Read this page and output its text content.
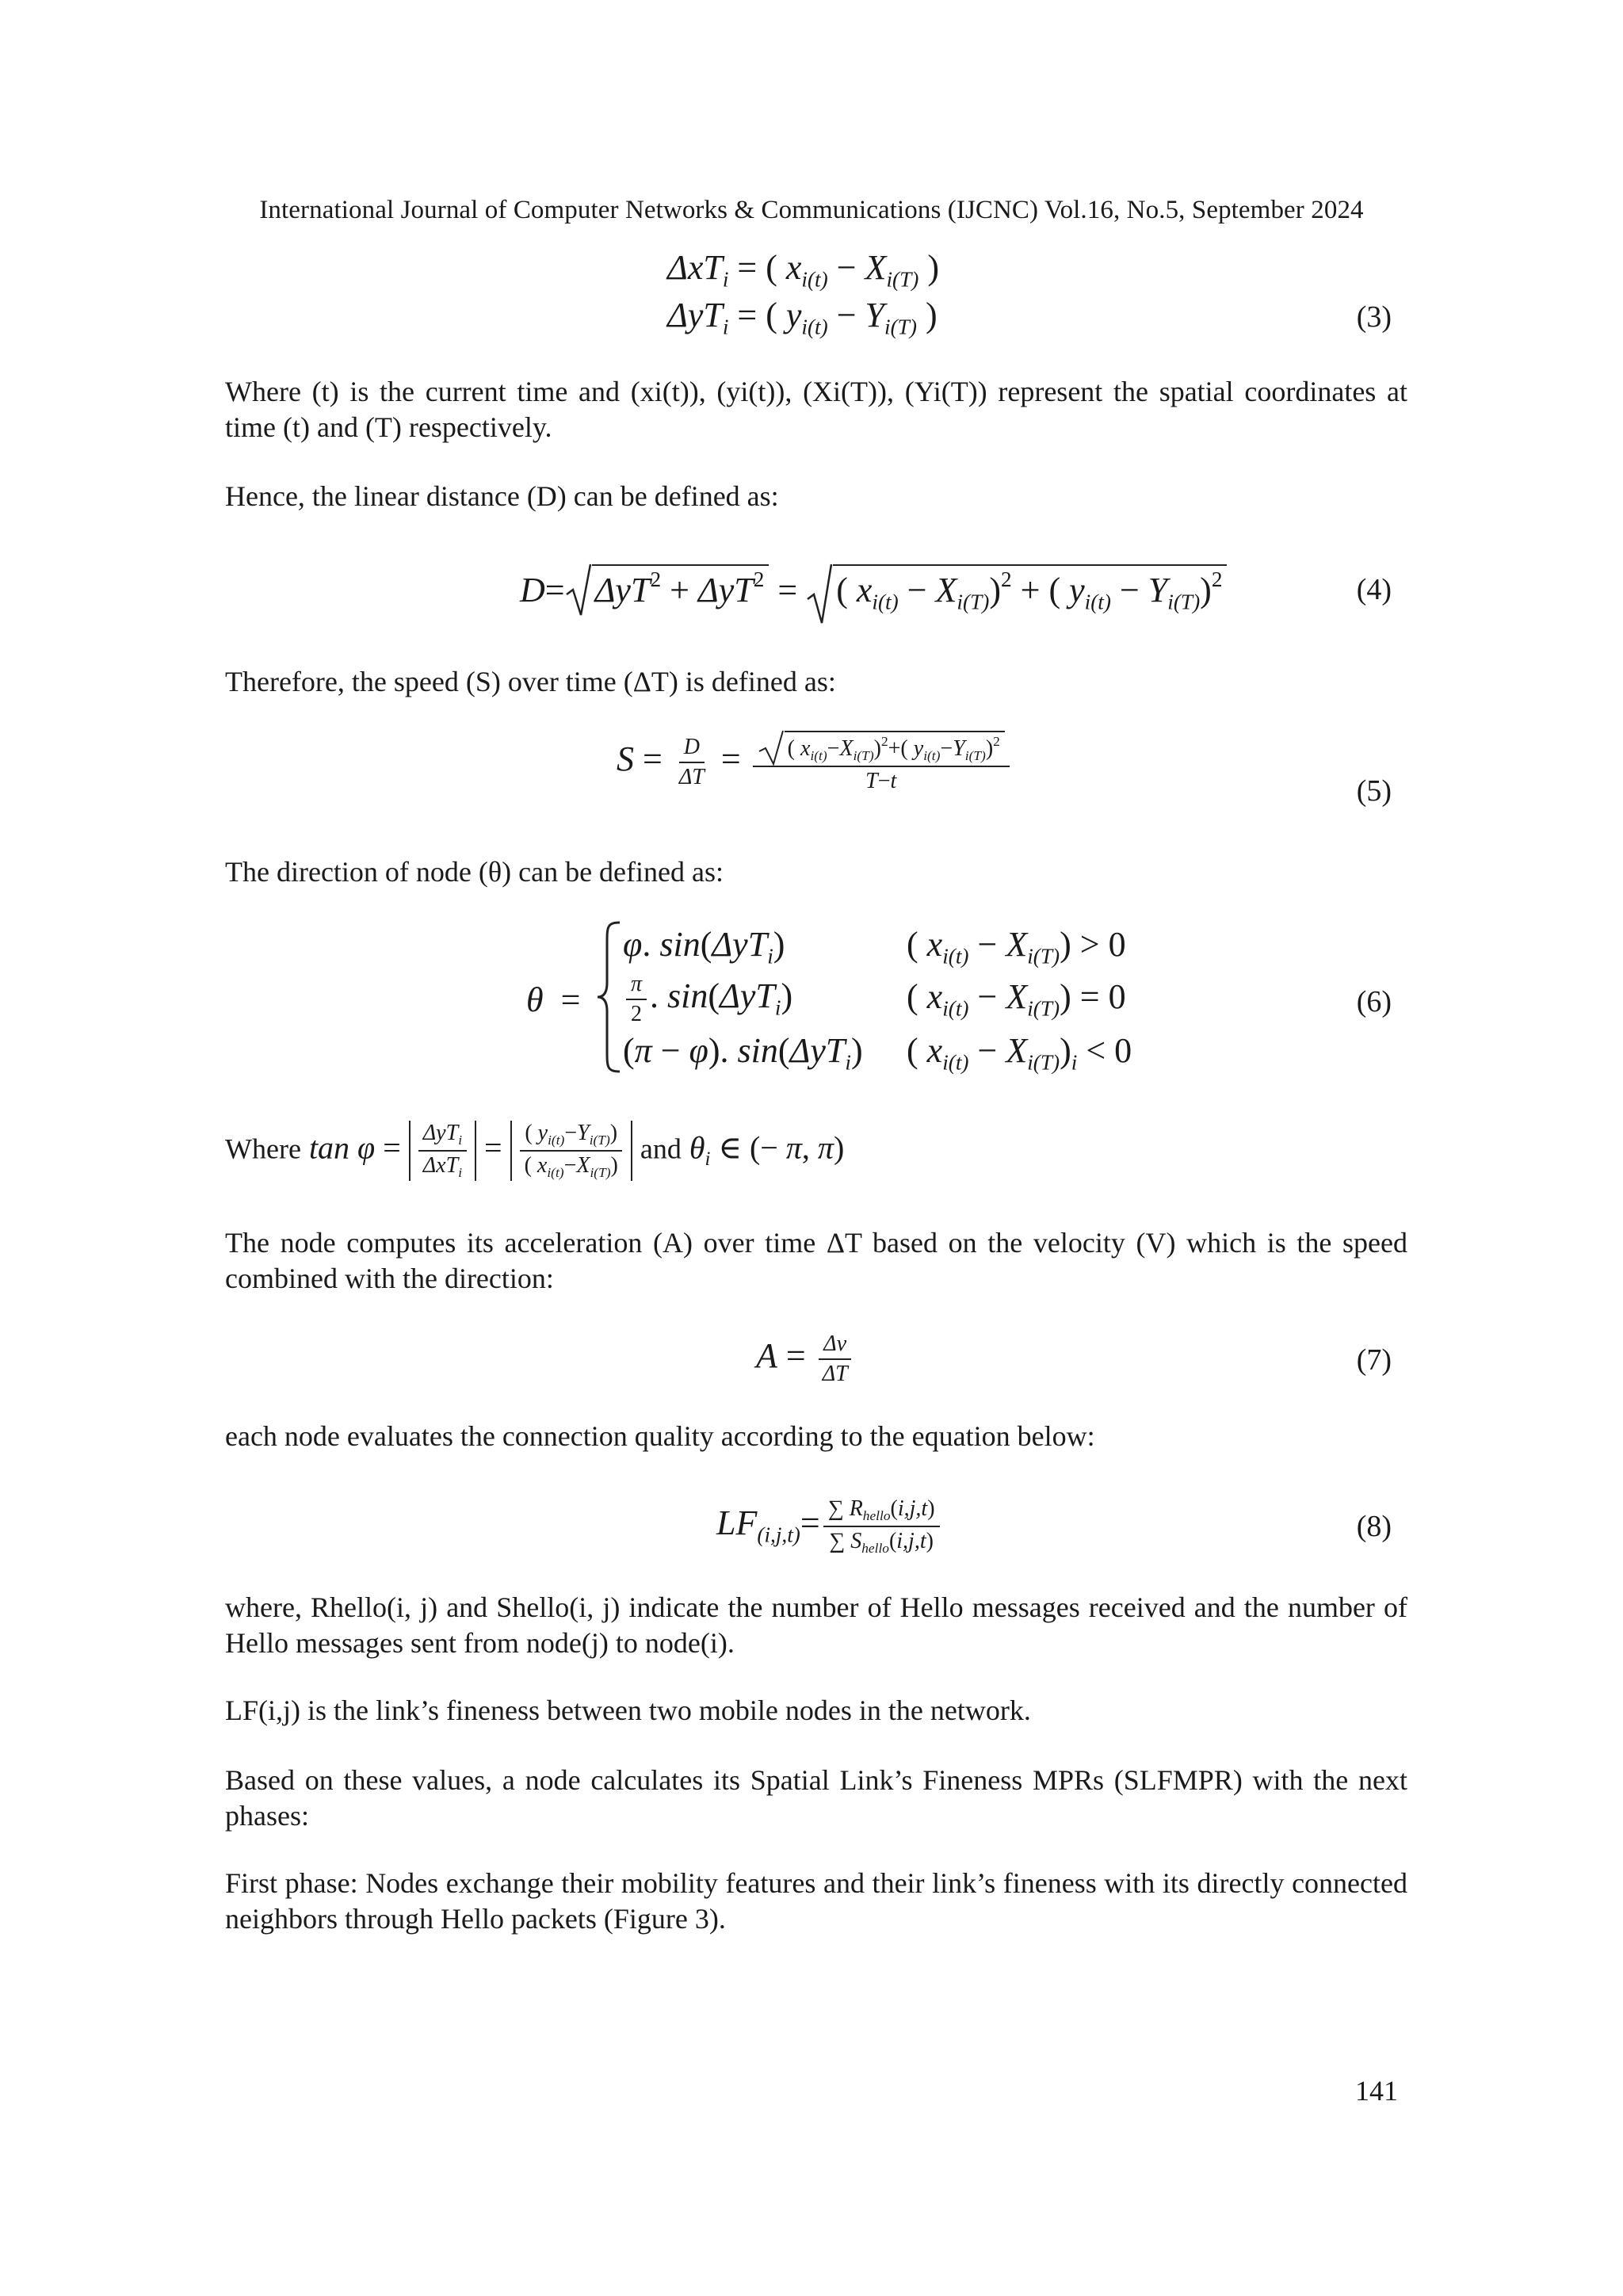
International Journal of Computer Networks & Communications (IJCNC) Vol.16, No.5, September 2024
ΔxT$_i$ = ( $x_{i(t)} - X_{i(T)}$ )
ΔyT$_i$ = ( $y_{i(t)} - Y_{i(T)}$ )	(3)

Where (t) is the current time and (xi(t)), (yi(t)), (Xi(T)), (Yi(T)) represent the spatial coordinates at time (t) and (T) respectively.

Hence, the linear distance (D) can be defined as:

D= ΔyT$^2$ + ΔyT$^2$ =
( $x_{i(t)} - X_{i(T)})^2$ + ( $y_{i(t)} - Y_{i(T)})^2$	(4)

Therefore, the speed (S) over time (ΔT) is defined as:

$S = \frac{D}{\Delta T} = \frac{( x_{i(t)}-X_{i(T)})^2+( y_{i(t)}-Y_{i(T)})^2}{T-t}$	(5)

The direction of node (θ) can be defined as:

θ  =
φ. sin(ΔyT$_i$)
$\frac{\pi}{2}$ . sin(ΔyT$_i$)
(π − φ). sin(ΔyT$_i$)
( $x_{i(t)} - X_{i(T)}) > 0$
( $x_{i(t)} - X_{i(T)}) = 0$
( $x_{i(t)} - X_{i(T)})_i < 0$
(6)
Where $\tan \varphi = \frac{\Delta yT_i}{\Delta xT_i} = \frac{( y_{i(t)}-Y_{i(T)})}{( x_{i(t)}-X_{i(T)})}$ and $\theta_i$ ∈ (− π, π)

The node computes its acceleration (A) over time ΔT based on the velocity (V) which is the speed combined with the direction:

$A = \frac{\Delta v}{\Delta T}$	(7)

each node evaluates the connection quality according to the equation below:

$LF_{(i,j,t)}= \frac{\sum R_{hello}(i,j,t)}{\sum S_{hello}(i,j,t)}$	(8)

where, Rhello(i, j) and Shello(i, j) indicate the number of Hello messages received and the number of Hello messages sent from node(j) to node(i).

LF(i,j) is the link’s fineness between two mobile nodes in the network.

Based on these values, a node calculates its Spatial Link’s Fineness MPRs (SLFMPR) with the next phases:

First phase: Nodes exchange their mobility features and their link’s fineness with its directly connected neighbors through Hello packets (Figure 3).

141
